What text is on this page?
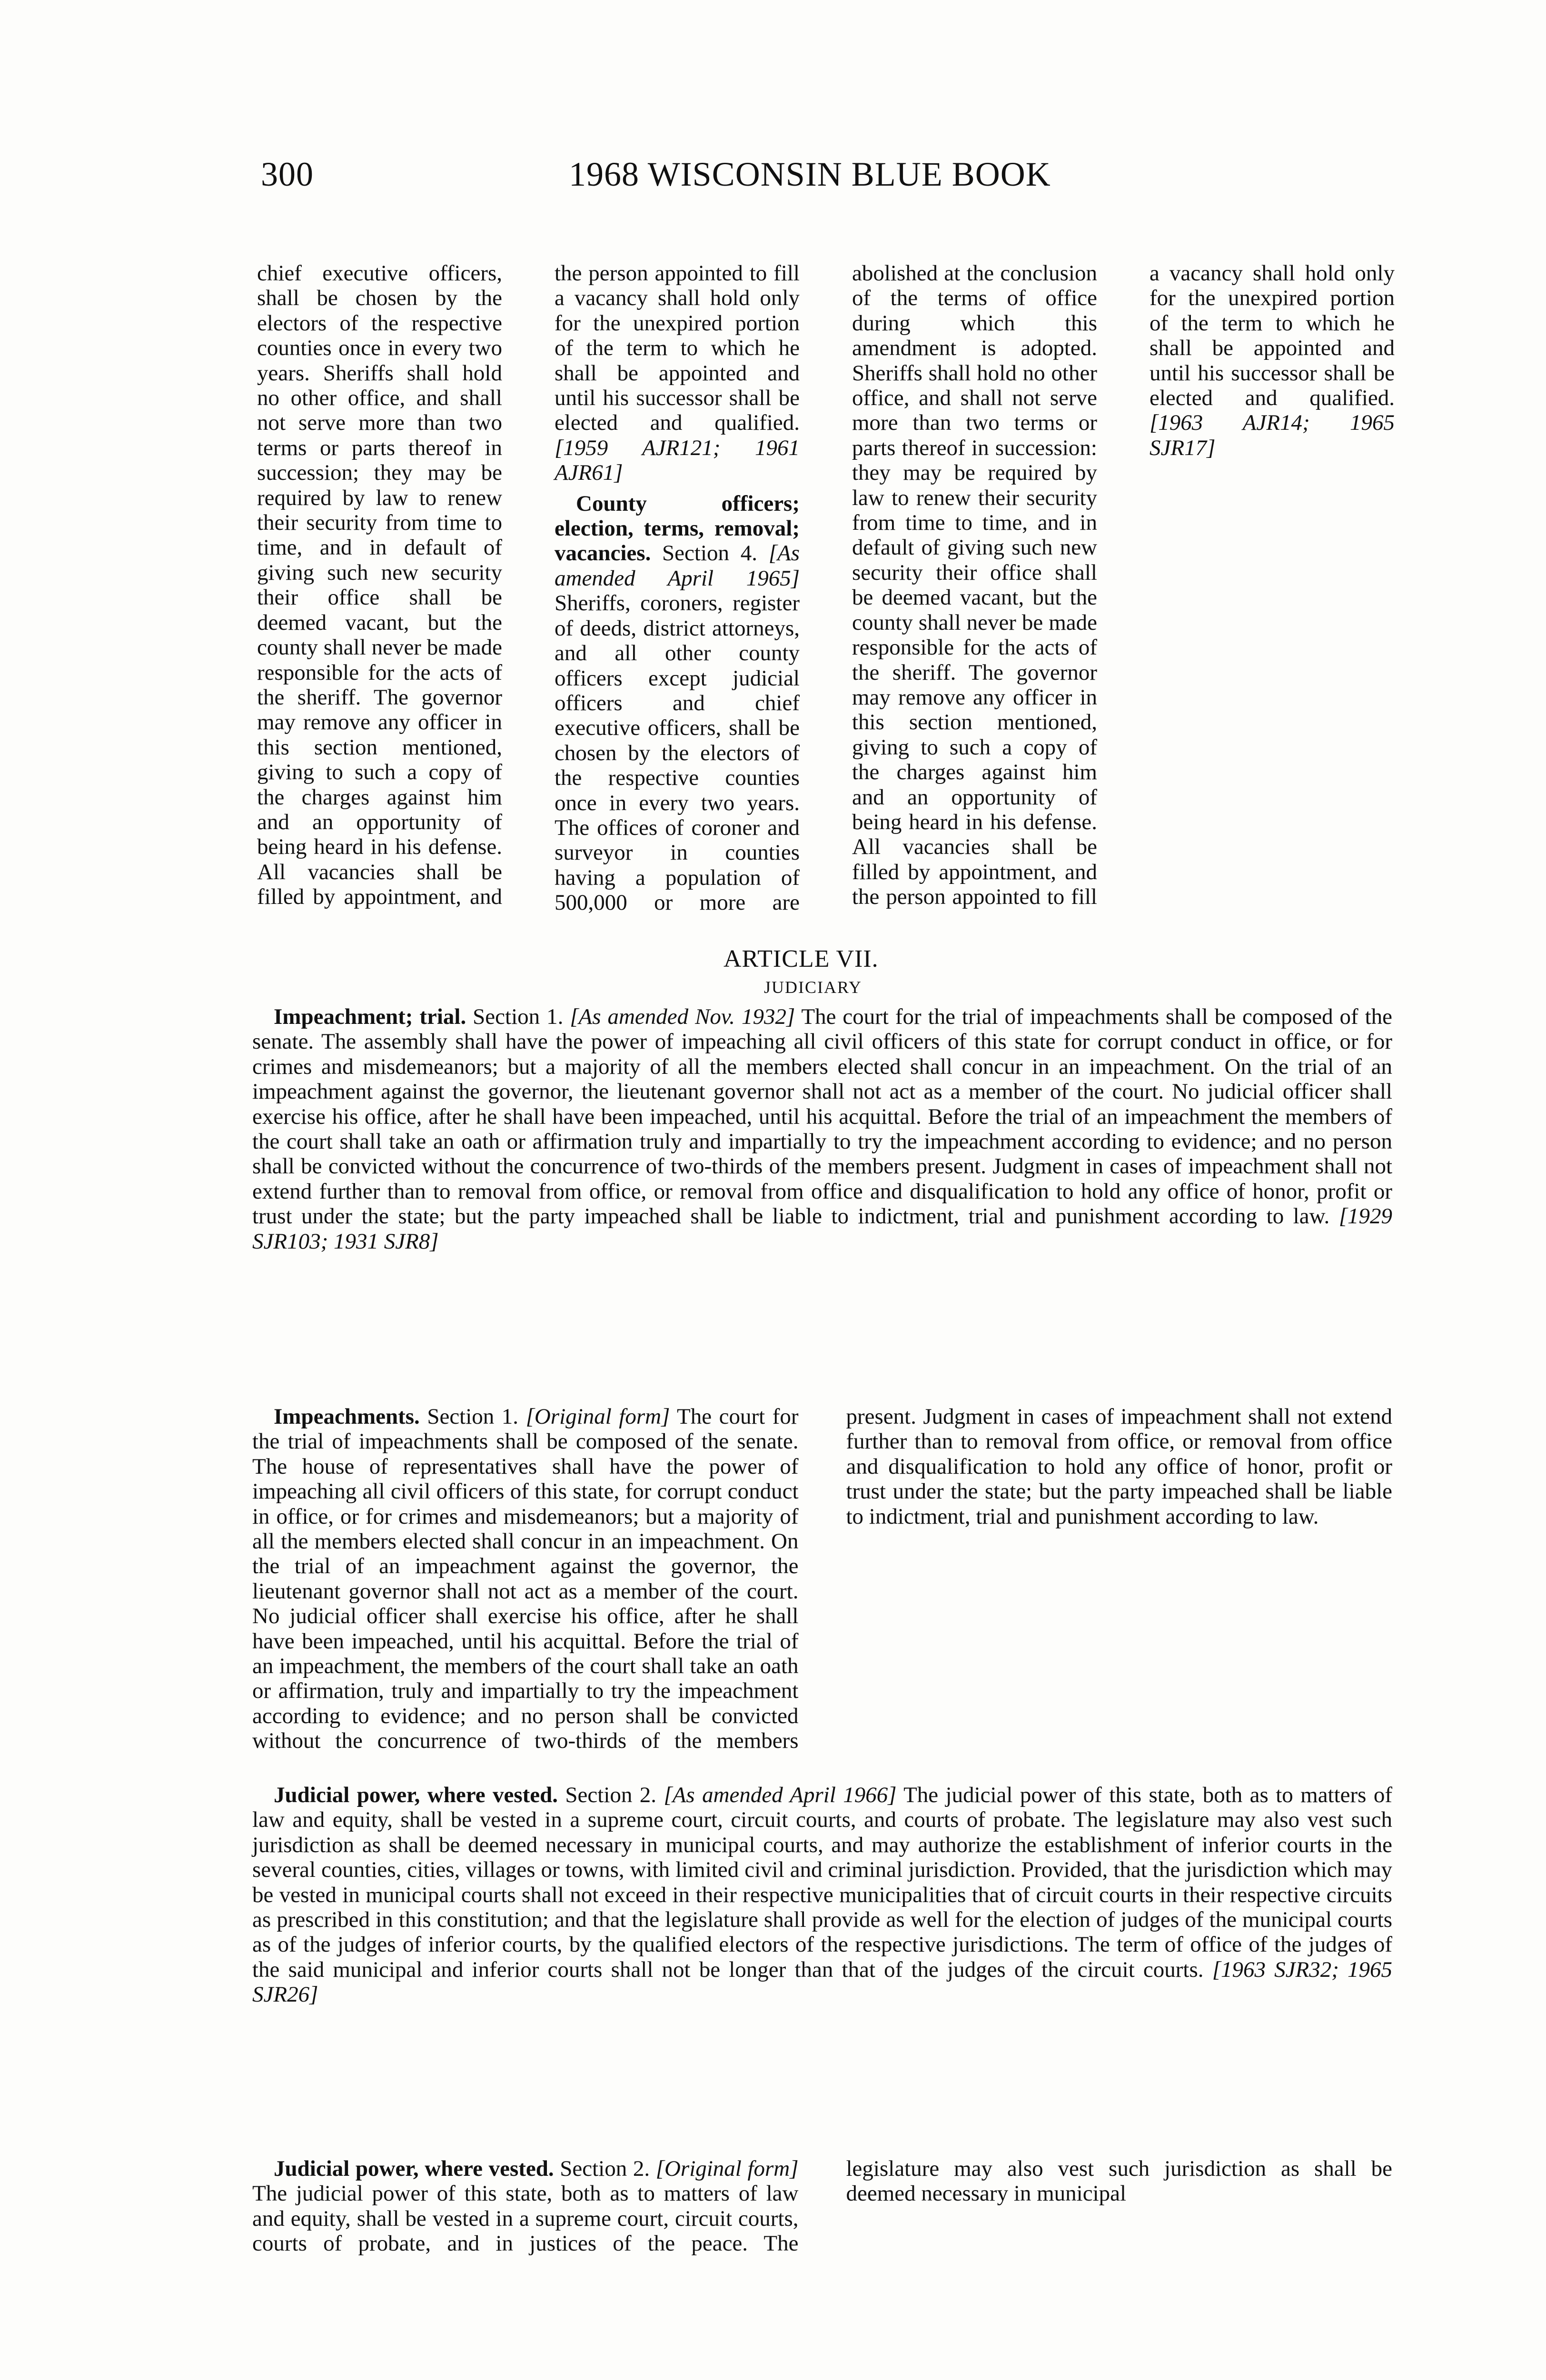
300	1968 WISCONSIN BLUE BOOK

chief executive officers, shall be chosen by the electors of the respective counties once in every two years. Sheriffs shall hold no other office, and shall not serve more than two terms or parts thereof in succession; they may be required by law to renew their security from time to time, and in default of giving such new security their office shall be deemed vacant, but the county shall never be made responsible for the acts of the sheriff. The governor may remove any officer in this section mentioned, giving to such a copy of the charges against him and an opportunity of being heard in his defense. All vacancies shall be filled by appointment, and the person appointed to fill a vacancy shall hold only for the unexpired portion of the term to which he shall be appointed and until his successor shall be elected and qualified. [1959 AJR121; 1961 AJR61]

County officers; election, terms, removal; vacancies. Section 4. [As amended April 1965] Sheriffs, coroners, register of deeds, district attorneys, and all other county officers except judicial officers and chief executive officers, shall be chosen by the electors of the respective counties once in every two years. The offices of coroner and surveyor in counties having a population of 500,000 or more are abolished at the conclusion of the terms of office during which this amendment is adopted. Sheriffs shall hold no other office, and shall not serve more than two terms or parts thereof in succession: they may be required by law to renew their security from time to time, and in default of giving such new security their office shall be deemed vacant, but the county shall never be made responsible for the acts of the sheriff. The governor may remove any officer in this section mentioned, giving to such a copy of the charges against him and an opportunity of being heard in his defense. All vacancies shall be filled by appointment, and the person appointed to fill a vacancy shall hold only for the unexpired portion of the term to which he shall be appointed and until his successor shall be elected and qualified. [1963 AJR14; 1965 SJR17]

ARTICLE VII.
JUDICIARY

Impeachment; trial. Section 1. [As amended Nov. 1932] The court for the trial of impeachments shall be composed of the senate. The assembly shall have the power of impeaching all civil officers of this state for corrupt conduct in office, or for crimes and misdemeanors; but a majority of all the members elected shall concur in an impeachment. On the trial of an impeachment against the governor, the lieutenant governor shall not act as a member of the court. No judicial officer shall exercise his office, after he shall have been impeached, until his acquittal. Before the trial of an impeachment the members of the court shall take an oath or affirmation truly and impartially to try the impeachment according to evidence; and no person shall be convicted without the concurrence of two-thirds of the members present. Judgment in cases of impeachment shall not extend further than to removal from office, or removal from office and disqualification to hold any office of honor, profit or trust under the state; but the party impeached shall be liable to indictment, trial and punishment according to law. [1929 SJR103; 1931 SJR8]

Impeachments. Section 1. [Original form] The court for the trial of impeachments shall be composed of the senate. The house of representatives shall have the power of impeaching all civil officers of this state, for corrupt conduct in office, or for crimes and misdemeanors; but a majority of all the members elected shall concur in an impeachment. On the trial of an impeachment against the governor, the lieutenant governor shall not act as a member of the court. No judicial officer shall exercise his office, after he shall have been impeached, until his acquittal. Before the trial of an impeachment, the members of the court shall take an oath or affirmation, truly and impartially to try the impeachment according to evidence; and no person shall be convicted without the concurrence of two-thirds of the members present. Judgment in cases of impeachment shall not extend further than to removal from office, or removal from office and disqualification to hold any office of honor, profit or trust under the state; but the party impeached shall be liable to indictment, trial and punishment according to law.

Judicial power, where vested. Section 2. [As amended April 1966] The judicial power of this state, both as to matters of law and equity, shall be vested in a supreme court, circuit courts, and courts of probate. The legislature may also vest such jurisdiction as shall be deemed necessary in municipal courts, and may authorize the establishment of inferior courts in the several counties, cities, villages or towns, with limited civil and criminal jurisdiction. Provided, that the jurisdiction which may be vested in municipal courts shall not exceed in their respective municipalities that of circuit courts in their respective circuits as prescribed in this constitution; and that the legislature shall provide as well for the election of judges of the municipal courts as of the judges of inferior courts, by the qualified electors of the respective jurisdictions. The term of office of the judges of the said municipal and inferior courts shall not be longer than that of the judges of the circuit courts. [1963 SJR32; 1965 SJR26]

Judicial power, where vested. Section 2. [Original form] The judicial power of this state, both as to matters of law and equity, shall be vested in a supreme court, circuit courts, courts of probate, and in justices of the peace. The legislature may also vest such jurisdiction as shall be deemed necessary in municipal
